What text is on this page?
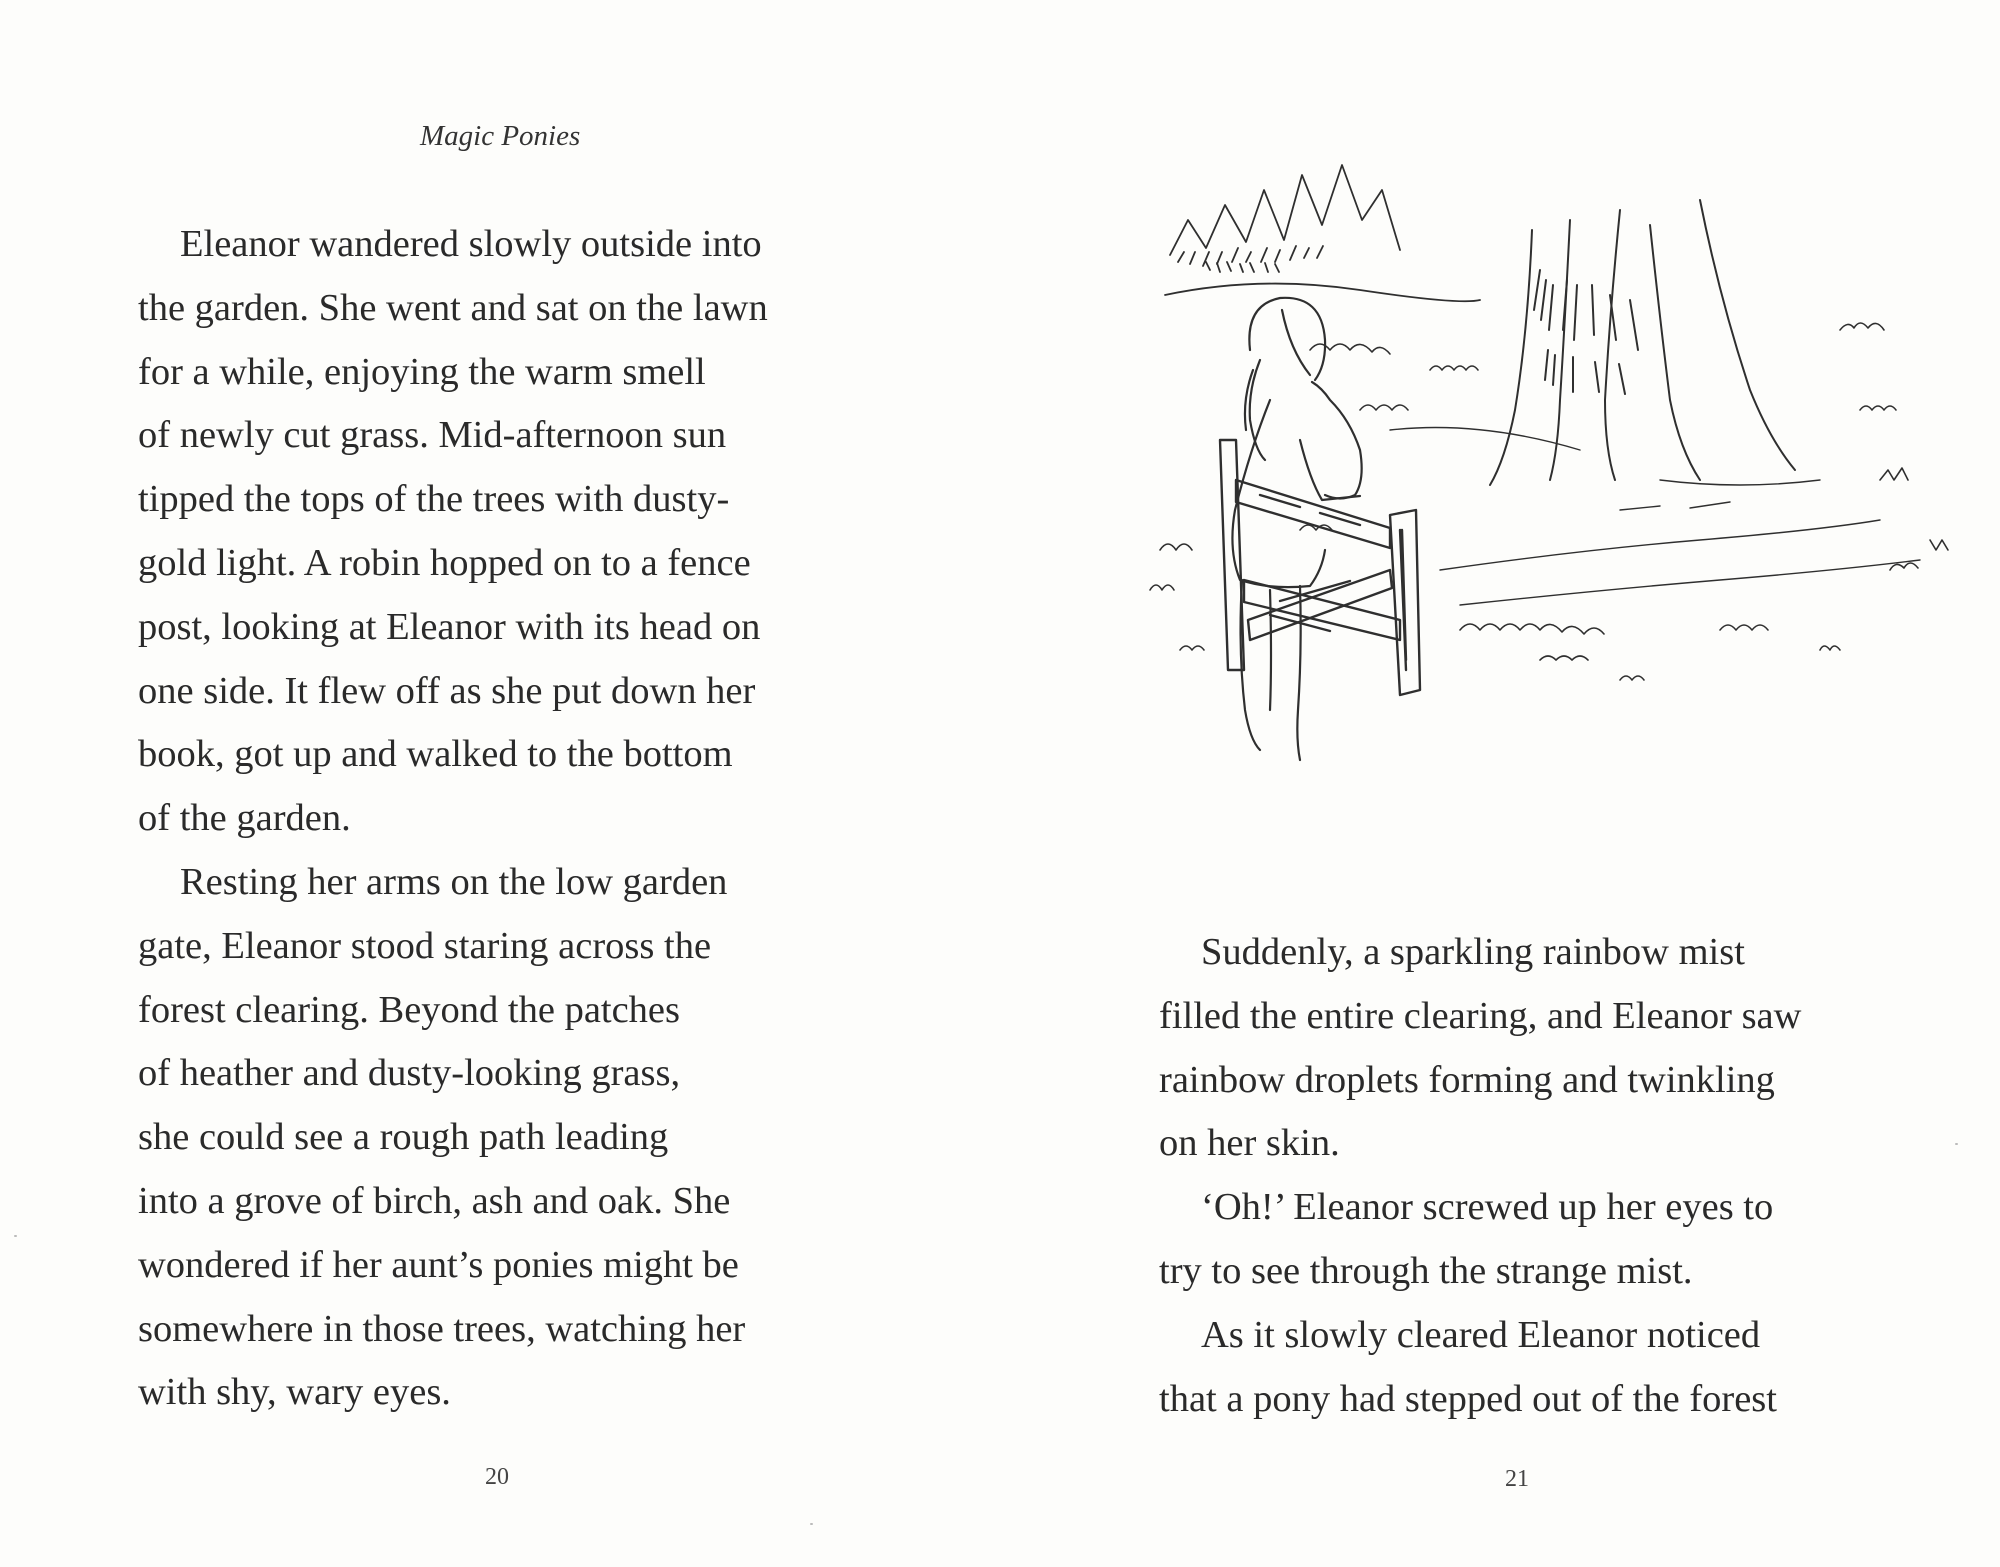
Magic Ponies
Eleanor wandered slowly outside into
the garden. She went and sat on the lawn
for a while, enjoying the warm smell
of newly cut grass. Mid-afternoon sun
tipped the tops of the trees with dusty-
gold light. A robin hopped on to a fence
post, looking at Eleanor with its head on
one side. It flew off as she put down her
book, got up and walked to the bottom
of the garden.
Resting her arms on the low garden
gate, Eleanor stood staring across the
forest clearing. Beyond the patches
of heather and dusty-looking grass,
she could see a rough path leading
into a grove of birch, ash and oak. She
wondered if her aunt’s ponies might be
somewhere in those trees, watching her
with shy, wary eyes.
20
Suddenly, a sparkling rainbow mist
filled the entire clearing, and Eleanor saw
rainbow droplets forming and twinkling
on her skin.
‘Oh!’ Eleanor screwed up her eyes to
try to see through the strange mist.
As it slowly cleared Eleanor noticed
that a pony had stepped out of the forest
21
